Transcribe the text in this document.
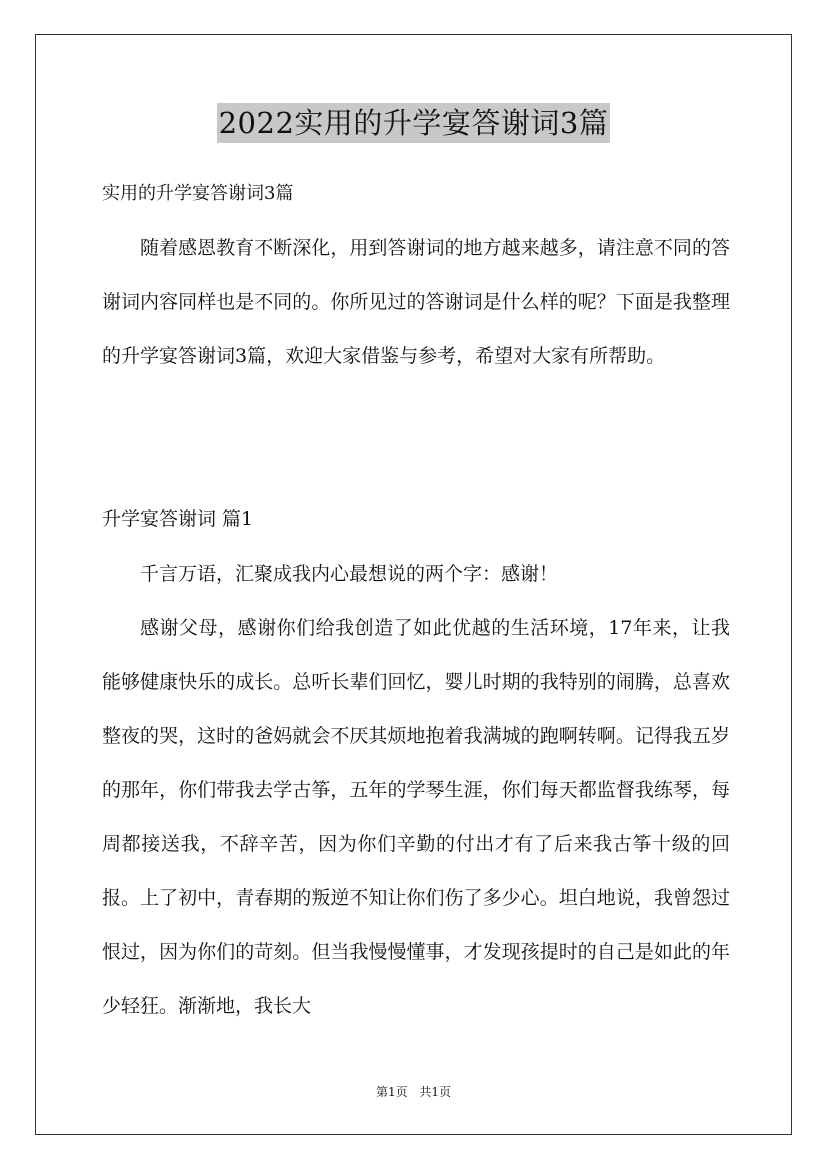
2022实用的升学宴答谢词3篇

实用的升学宴答谢词3篇

随着感恩教育不断深化，用到答谢词的地方越来越多，请注意不同的答谢词内容同样也是不同的。你所见过的答谢词是什么样的呢？下面是我整理的升学宴答谢词3篇，欢迎大家借鉴与参考，希望对大家有所帮助。

升学宴答谢词 篇1

千言万语，汇聚成我内心最想说的两个字：感谢！

感谢父母，感谢你们给我创造了如此优越的生活环境，17年来，让我能够健康快乐的成长。总听长辈们回忆，婴儿时期的我特别的闹腾，总喜欢整夜的哭，这时的爸妈就会不厌其烦地抱着我满城的跑啊转啊。记得我五岁的那年，你们带我去学古筝，五年的学琴生涯，你们每天都监督我练琴，每周都接送我，不辞辛苦，因为你们辛勤的付出才有了后来我古筝十级的回报。上了初中，青春期的叛逆不知让你们伤了多少心。坦白地说，我曾怨过恨过，因为你们的苛刻。但当我慢慢懂事，才发现孩提时的自己是如此的年少轻狂。渐渐地，我长大

第1页 共1页
